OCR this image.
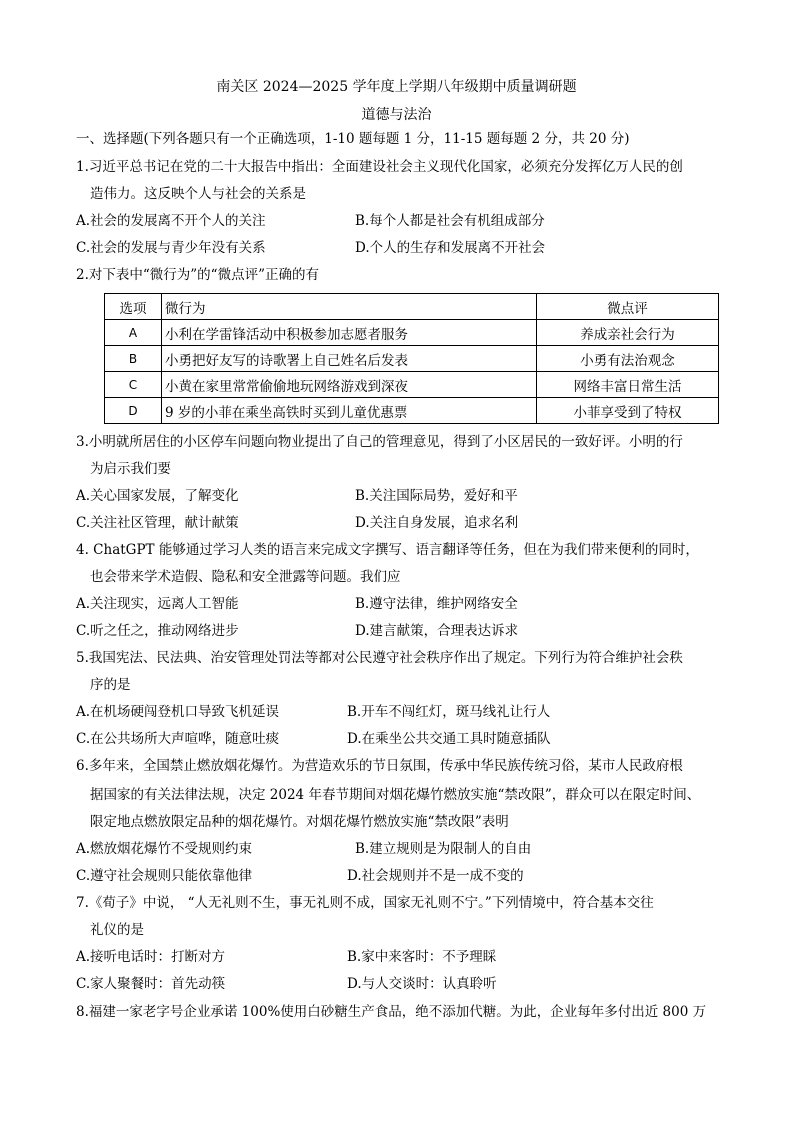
南关区 2024—2025 学年度上学期八年级期中质量调研题
道德与法治
一、选择题(下列各题只有一个正确选项，1-10 题每题 1 分，11-15 题每题 2 分，共 20 分)
1.习近平总书记在党的二十大报告中指出：全面建设社会主义现代化国家，必须充分发挥亿万人民的创
造伟力。这反映个人与社会的关系是
A.社会的发展离不开个人的关注	B.每个人都是社会有机组成部分
C.社会的发展与青少年没有关系	D.个人的生存和发展离不开社会
2.对下表中“微行为”的“微点评”正确的有
选项	微行为	微点评
A	小利在学雷锋活动中积极参加志愿者服务	养成亲社会行为
B	小勇把好友写的诗歌署上自己姓名后发表	小勇有法治观念
C	小黄在家里常常偷偷地玩网络游戏到深夜	网络丰富日常生活
D	9 岁的小菲在乘坐高铁时买到儿童优惠票	小菲享受到了特权
3.小明就所居住的小区停车问题向物业提出了自己的管理意见，得到了小区居民的一致好评。小明的行
为启示我们要
A.关心国家发展，了解变化	B.关注国际局势，爱好和平
C.关注社区管理，献计献策	D.关注自身发展，追求名利
4. ChatGPT 能够通过学习人类的语言来完成文字撰写、语言翻译等任务，但在为我们带来便利的同时，
也会带来学术造假、隐私和安全泄露等问题。我们应
A.关注现实，远离人工智能	B.遵守法律，维护网络安全
C.听之任之，推动网络进步	D.建言献策，合理表达诉求
5.我国宪法、民法典、治安管理处罚法等都对公民遵守社会秩序作出了规定。下列行为符合维护社会秩
序的是
A.在机场硬闯登机口导致飞机延误	B.开车不闯红灯，斑马线礼让行人
C.在公共场所大声喧哗，随意吐痰	D.在乘坐公共交通工具时随意插队
6.多年来，全国禁止燃放烟花爆竹。为营造欢乐的节日氛围，传承中华民族传统习俗，某市人民政府根
据国家的有关法律法规，决定 2024 年春节期间对烟花爆竹燃放实施“禁改限”，群众可以在限定时间、
限定地点燃放限定品种的烟花爆竹。对烟花爆竹燃放实施“禁改限”表明
A.燃放烟花爆竹不受规则约束	B.建立规则是为限制人的自由
C.遵守社会规则只能依靠他律	D.社会规则并不是一成不变的
7.《荀子》中说， “人无礼则不生，事无礼则不成，国家无礼则不宁。”下列情境中，符合基本交往
礼仪的是
A.接听电话时：打断对方	B.家中来客时：不予理睬
C.家人聚餐时：首先动筷	D.与人交谈时：认真聆听
8.福建一家老字号企业承诺 100%使用白砂糖生产食品，绝不添加代糖。为此，企业每年多付出近 800 万
